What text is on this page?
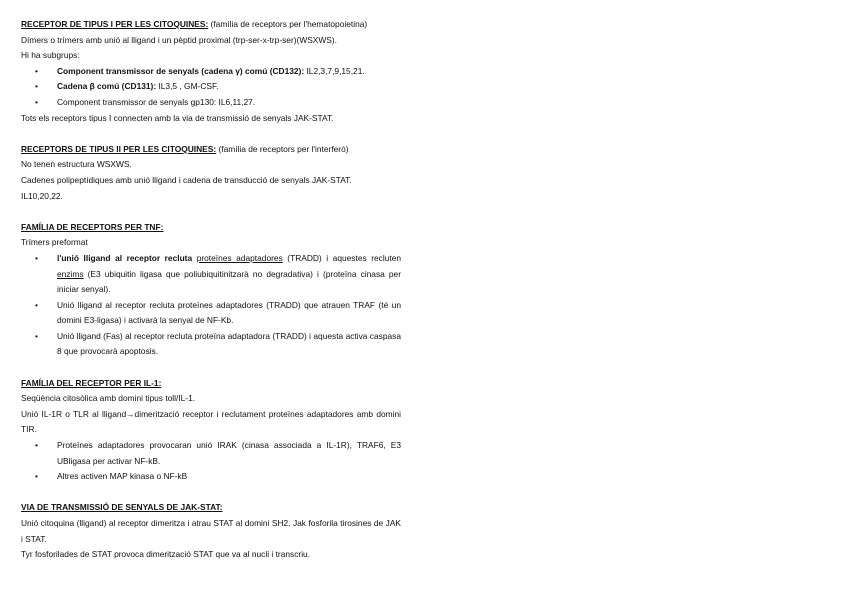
RECEPTOR DE TIPUS I PER LES CITOQUINES: (família de receptors per l'hematopoietina)
Dímers o trímers amb unió al lligand i un pèptid proximal (trp-ser-x-trp-ser)(WSXWS).
Hi ha subgrups:
• Component transmissor de senyals (cadena γ) comú (CD132): IL2,3,7,9,15,21.
• Cadena β comú (CD131): IL3,5 , GM-CSF.
• Component transmissor de senyals gp130: IL6,11,27.
Tots els receptors tipus I connecten amb la via de transmissió de senyals JAK-STAT.
RECEPTORS DE TIPUS II PER LES CITOQUINES: (família de receptors per l'interferó)
No tenen estructura WSXWS.
Cadenes polipeptídiques amb unió lligand i cadena de transducció de senyals JAK-STAT.
IL10,20,22.
FAMÍLIA DE RECEPTORS PER TNF:
Trímers preformat
• l'unió lligand al receptor recluta proteïnes adaptadores (TRADD) i aquestes recluten enzims (E3 ubiquitin ligasa que poliubiquitinitzarà no degradativa) i (proteïna cinasa per iniciar senyal).
• Unió lligand al receptor recluta proteïnes adaptadores (TRADD) que atrauen TRAF (té un domini E3-ligasa) i activarà la senyal de NF-Kb.
• Unió lligand (Fas) al receptor recluta proteïna adaptadora (TRADD) i aquesta activa caspasa 8 que provocarà apoptosis.
FAMÍLIA DEL RECEPTOR PER IL-1:
Seqüència citosòlica amb domini tipus toll/IL-1.
Unió IL-1R o TLR al lligand→dimerització receptor i reclutament proteïnes adaptadores amb domini TIR.
• Proteïnes adaptadores provocaran unió IRAK (cinasa associada a IL-1R), TRAF6, E3 UBligasa per activar NF-kB.
• Altres activen MAP kinasa o NF-kB
VIA DE TRANSMISSIÓ DE SENYALS DE JAK-STAT:
Unió citoquina (lligand) al receptor dimeritza i atrau STAT al domini SH2. Jak fosforila tirosines de JAK i STAT.
Tyr fosforilades de STAT provoca dimerització STAT que va al nucli i transcriu.
